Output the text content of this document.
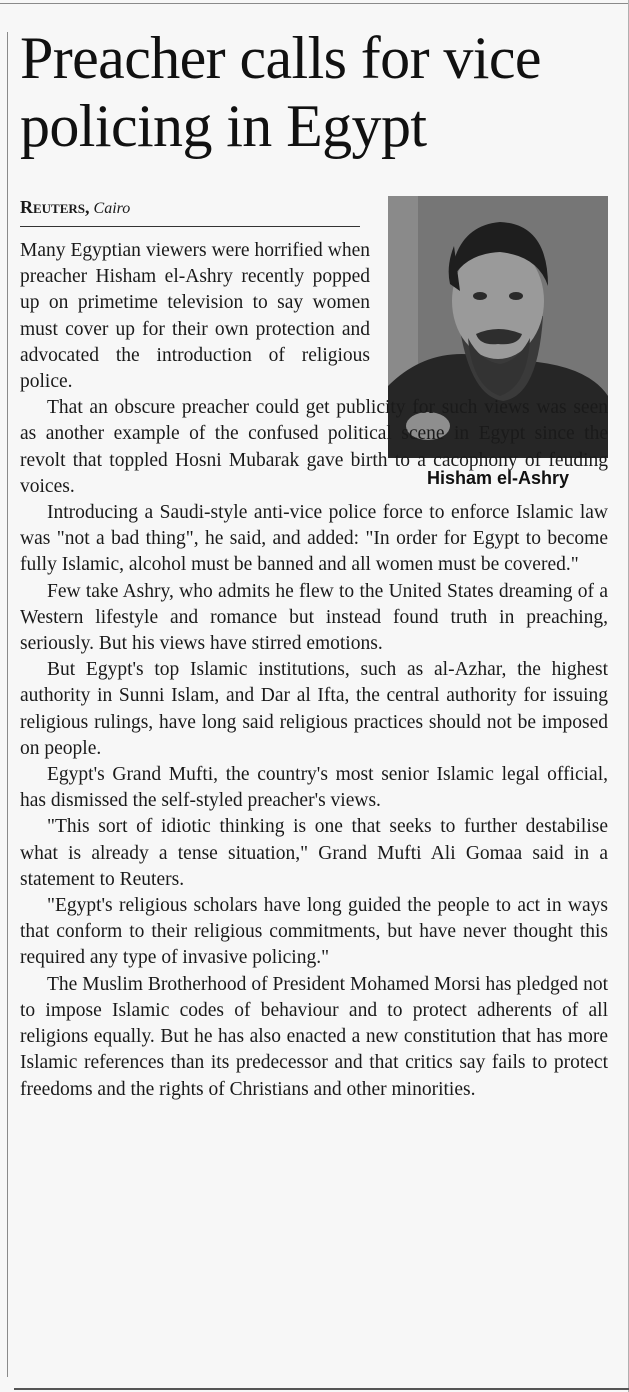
Preacher calls for vice policing in Egypt
Reuters, Cairo
Hisham el-Ashry

Many Egyptian viewers were horrified when preacher Hisham el-Ashry recently popped up on primetime television to say women must cover up for their own protection and advocated the introduction of religious police.

That an obscure preacher could get publicity for such views was seen as another example of the confused political scene in Egypt since the revolt that toppled Hosni Mubarak gave birth to a cacophony of feuding voices.

Introducing a Saudi-style anti-vice police force to enforce Islamic law was "not a bad thing", he said, and added: "In order for Egypt to become fully Islamic, alcohol must be banned and all women must be covered."

Few take Ashry, who admits he flew to the United States dreaming of a Western lifestyle and romance but instead found truth in preaching, seriously. But his views have stirred emotions.

But Egypt's top Islamic institutions, such as al-Azhar, the highest authority in Sunni Islam, and Dar al Ifta, the central authority for issuing religious rulings, have long said religious practices should not be imposed on people.

Egypt's Grand Mufti, the country's most senior Islamic legal official, has dismissed the self-styled preacher's views.

"This sort of idiotic thinking is one that seeks to further destabilise what is already a tense situation," Grand Mufti Ali Gomaa said in a statement to Reuters.

"Egypt's religious scholars have long guided the people to act in ways that conform to their religious commitments, but have never thought this required any type of invasive policing."

The Muslim Brotherhood of President Mohamed Morsi has pledged not to impose Islamic codes of behaviour and to protect adherents of all religions equally. But he has also enacted a new constitution that has more Islamic references than its predecessor and that critics say fails to protect freedoms and the rights of Christians and other minorities.
